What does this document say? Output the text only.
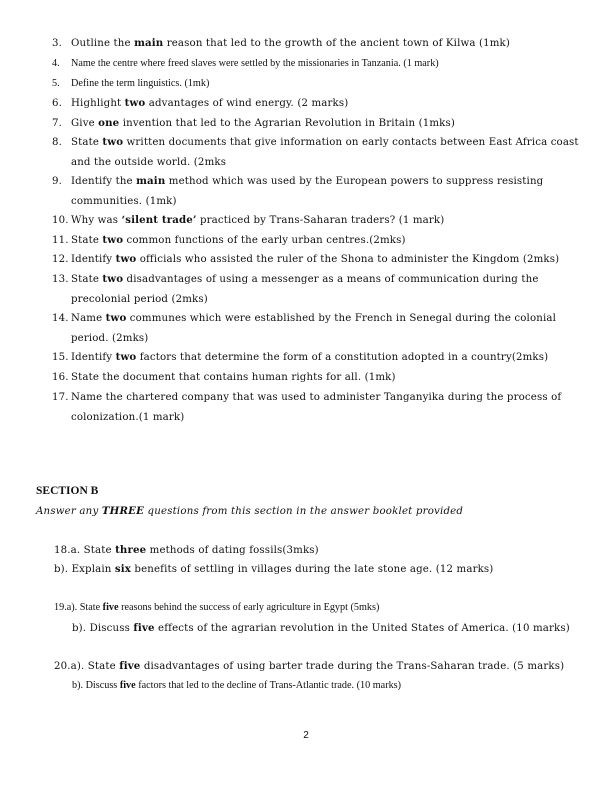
3. Outline the main reason that led to the growth of the ancient town of Kilwa (1mk)
4.	Name the centre where freed slaves were settled by the missionaries in Tanzania. (1 mark)
5.	Define the term linguistics. (1mk)
6. Highlight two advantages of wind energy. (2 marks)
7. Give one invention that led to the Agrarian Revolution in Britain (1mks)
8. State two written documents that give information on early contacts between East Africa coast and the outside world. (2mks
9. Identify the main method which was used by the European powers to suppress resisting communities. (1mk)
10. Why was ‘silent trade’ practiced by Trans-Saharan traders? (1 mark)
11. State two common functions of the early urban centres.(2mks)
12. Identify two officials who assisted the ruler of the Shona to administer the Kingdom (2mks)
13. State two disadvantages of using a messenger as a means of communication during the precolonial period (2mks)
14. Name two communes which were established by the French in Senegal during the colonial period. (2mks)
15. Identify two factors that determine the form of a constitution adopted in a country(2mks)
16. State the document that contains human rights for all. (1mk)
17. Name the chartered company that was used to administer Tanganyika during the process of colonization.(1 mark)
SECTION B
Answer any THREE questions from this section in the answer booklet provided
18.a. State three methods of dating fossils(3mks)
b). Explain six benefits of settling in villages during the late stone age. (12 marks)
19.a). State five reasons behind the success of early agriculture in Egypt (5mks)
b). Discuss five effects of the agrarian revolution in the United States of America. (10 marks)
20.a). State five disadvantages of using barter trade during the Trans-Saharan trade. (5 marks)
b). Discuss five factors that led to the decline of Trans-Atlantic trade. (10 marks)
2
